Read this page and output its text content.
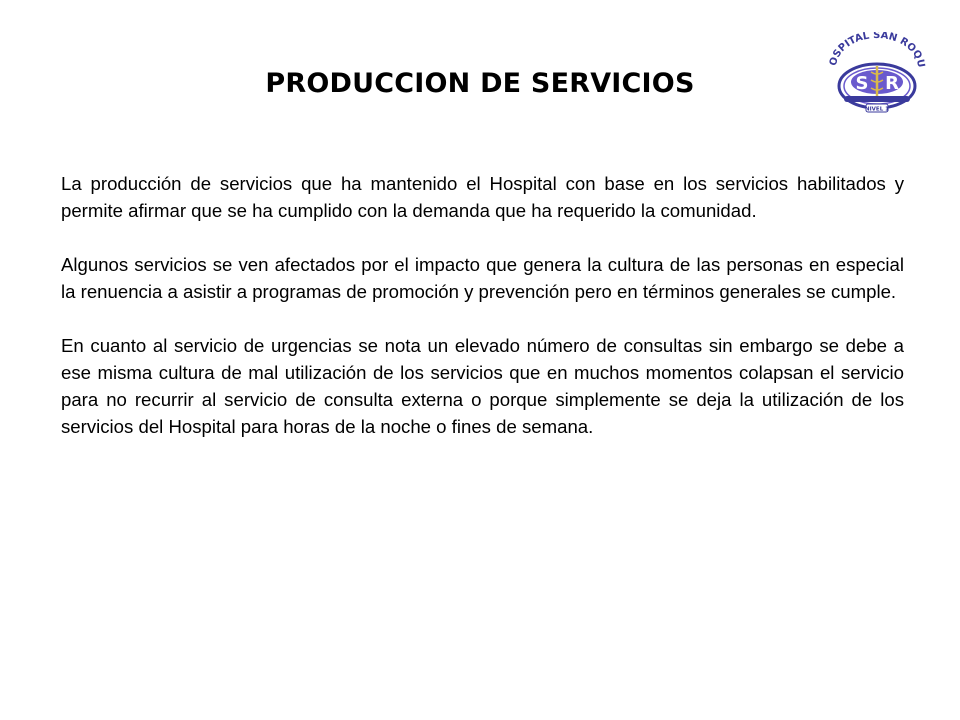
PRODUCCION DE SERVICIOS
OSPITAL SAN ROQU
S R
NIVEL 1

La producción de servicios que ha mantenido el Hospital con base en los servicios habilitados y permite afirmar que se ha cumplido con la demanda que ha requerido la comunidad.

Algunos servicios se ven afectados por el impacto que genera la cultura de las personas en especial la renuencia a asistir a programas de promoción y prevención pero en términos generales se cumple.

En cuanto al servicio de urgencias se nota un elevado número de consultas sin embargo se debe a ese misma cultura de mal utilización de los servicios que en muchos momentos colapsan el servicio para no recurrir al servicio de consulta externa o porque simplemente se deja la utilización de los servicios del Hospital para horas de la noche o fines de semana.
